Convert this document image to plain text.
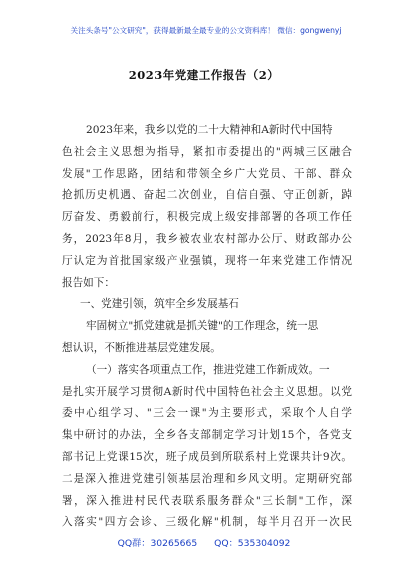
关注头条号"公文研究"，获得最新最全最专业的公文资料库！ 微信：gongwenyj
2023年党建工作报告（2）
2023年来，我乡以党的二十大精神和A新时代中国特
色社会主义思想为指导，紧扣市委提出的"两城三区融合
发展"工作思路，团结和带领全乡广大党员、干部、群众
抢抓历史机遇、奋起二次创业，自信自强、守正创新，踔
厉奋发、勇毅前行，积极完成上级安排部署的各项工作任
务，2023年8月，我乡被农业农村部办公厅、财政部办公
厅认定为首批国家级产业强镇，现将一年来党建工作情况
报告如下：
一、党建引领，筑牢全乡发展基石
牢固树立"抓党建就是抓关键"的工作理念，统一思
想认识，不断推进基层党建发展。
（一）落实各项重点工作，推进党建工作新成效。一
是扎实开展学习贯彻A新时代中国特色社会主义思想。以党
委中心组学习、"三会一课"为主要形式，采取个人自学
集中研讨的办法，全乡各支部制定学习计划15个，各党支
部书记上党课15次，班子成员到所联系村上党课共计9次。
二是深入推进党建引领基层治理和乡风文明。定期研究部
署，深入推进村民代表联系服务群众"三长制"工作，深
入落实"四方会诊、三级化解"机制，每半月召开一次民
QQ群：30265665 QQ：535304092
